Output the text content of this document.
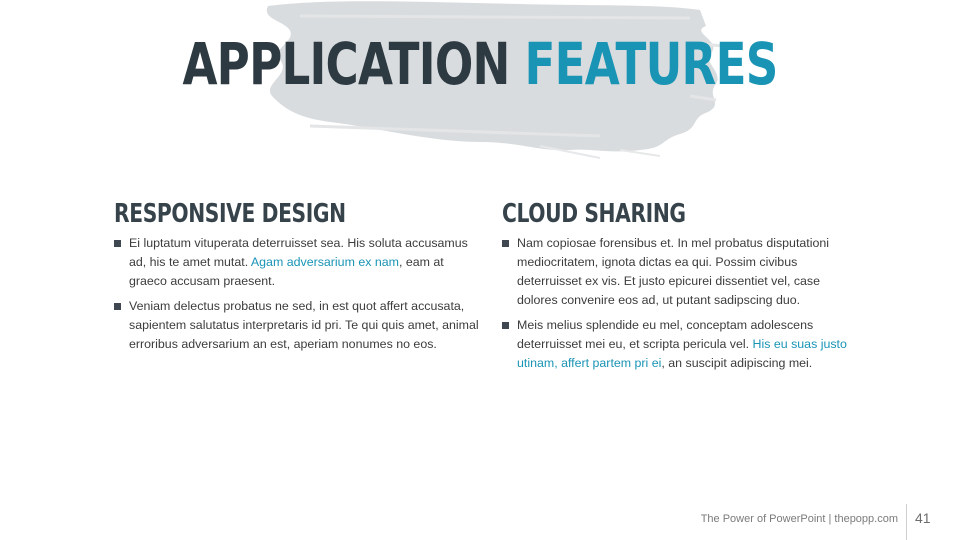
APPLICATION FEATURES
RESPONSIVE DESIGN
Ei luptatum vituperata deterruisset sea. His soluta accusamus ad, his te amet mutat. Agam adversarium ex nam, eam at graeco accusam praesent.
Veniam delectus probatus ne sed, in est quot affert accusata, sapientem salutatus interpretaris id pri. Te qui quis amet, animal erroribus adversarium an est, aperiam nonumes no eos.
CLOUD SHARING
Nam copiosae forensibus et. In mel probatus disputationi mediocritatem, ignota dictas ea qui. Possim civibus deterruisset ex vis. Et justo epicurei dissentiet vel, case dolores convenire eos ad, ut putant sadipscing duo.
Meis melius splendide eu mel, conceptam adolescens deterruisset mei eu, et scripta pericula vel. His eu suas justo utinam, affert partem pri ei, an suscipit adipiscing mei.
The Power of PowerPoint | thepopp.com 41
